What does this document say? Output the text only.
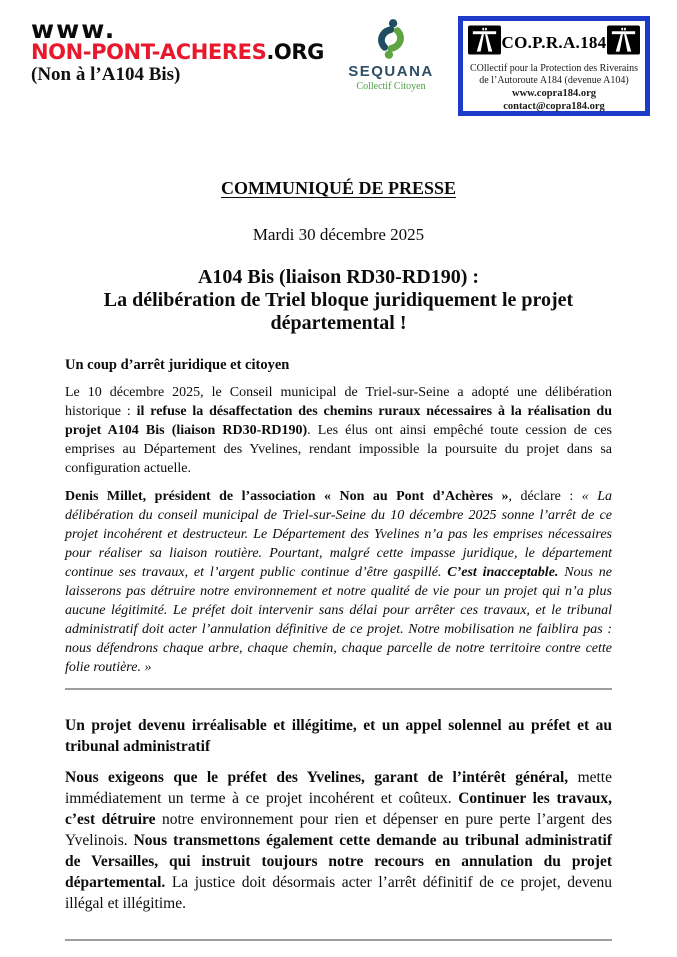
www.
NON-PONT-ACHERES.ORG
(Non à l’A104 Bis)	SEQUANA
Collectif Citoyen
CO.P.R.A.184
COllectif pour la Protection des Riverains
de l’Autoroute A184 (devenue A104)
www.copra184.org
contact@copra184.org
COMMUNIQUÉ DE PRESSE
Mardi 30 décembre 2025
A104 Bis (liaison RD30-RD190) :
La délibération de Triel bloque juridiquement le projet départemental !
Un coup d’arrêt juridique et citoyen

Le 10 décembre 2025, le Conseil municipal de Triel-sur-Seine a adopté une délibération historique : il refuse la désaffectation des chemins ruraux nécessaires à la réalisation du projet A104 Bis (liaison RD30-RD190). Les élus ont ainsi empêché toute cession de ces emprises au Département des Yvelines, rendant impossible la poursuite du projet dans sa configuration actuelle.

Denis Millet, président de l’association « Non au Pont d’Achères », déclare : « La délibération du conseil municipal de Triel-sur-Seine du 10 décembre 2025 sonne l’arrêt de ce projet incohérent et destructeur. Le Département des Yvelines n’a pas les emprises nécessaires pour réaliser sa liaison routière. Pourtant, malgré cette impasse juridique, le département continue ses travaux, et l’argent public continue d’être gaspillé. C’est inacceptable. Nous ne laisserons pas détruire notre environnement et notre qualité de vie pour un projet qui n’a plus aucune légitimité. Le préfet doit intervenir sans délai pour arrêter ces travaux, et le tribunal administratif doit acter l’annulation définitive de ce projet. Notre mobilisation ne faiblira pas : nous défendrons chaque arbre, chaque chemin, chaque parcelle de notre territoire contre cette folie routière. »

Un projet devenu irréalisable et illégitime, et un appel solennel au préfet et au tribunal administratif

Nous exigeons que le préfet des Yvelines, garant de l’intérêt général, mette immédiatement un terme à ce projet incohérent et coûteux. Continuer les travaux, c’est détruire notre environnement pour rien et dépenser en pure perte l’argent des Yvelinois. Nous transmettons également cette demande au tribunal administratif de Versailles, qui instruit toujours notre recours en annulation du projet départemental. La justice doit désormais acter l’arrêt définitif de ce projet, devenu illégal et illégitime.
